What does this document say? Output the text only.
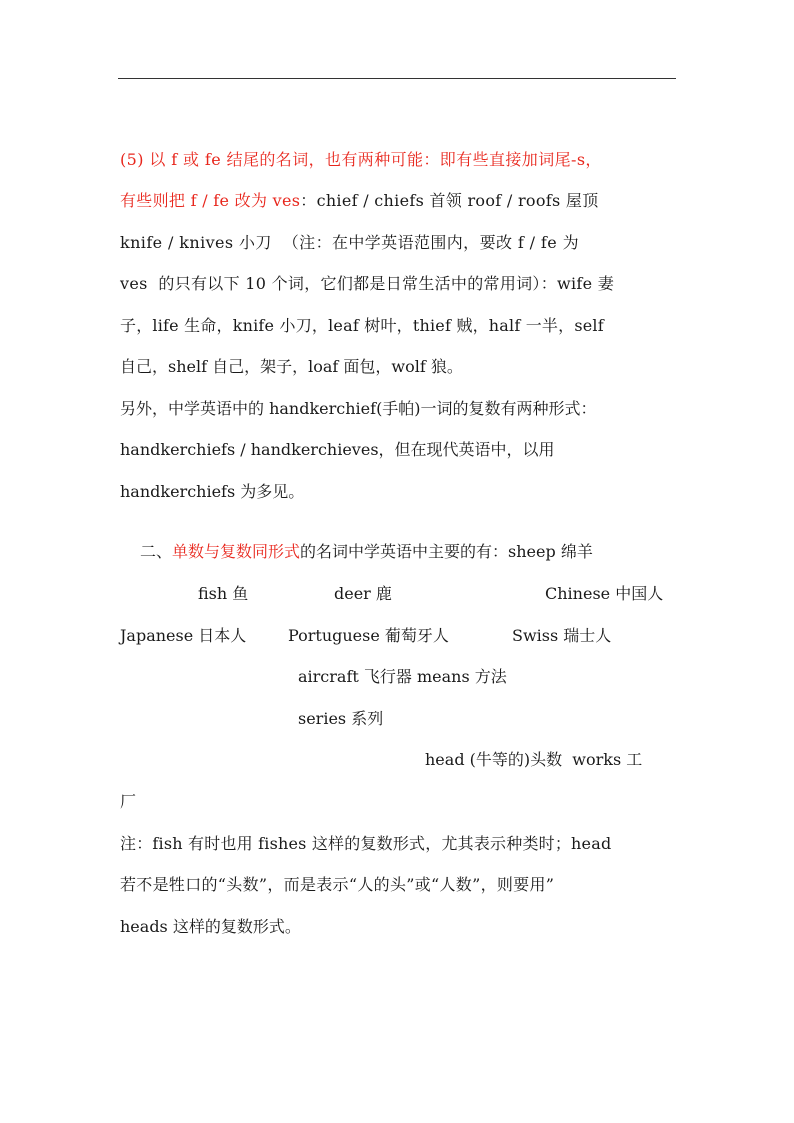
(5) 以 f 或 fe 结尾的名词，也有两种可能：即有些直接加词尾-s，
有些则把 f / fe 改为 ves：chief / chiefs 首领 roof / roofs 屋顶
knife / knives 小刀  （注：在中学英语范围内，要改 f / fe 为
ves  的只有以下 10 个词，它们都是日常生活中的常用词）：wife 妻
子，life 生命，knife 小刀，leaf 树叶，thief 贼，half 一半，self
自己，shelf 自己，架子，loaf 面包，wolf 狼。
另外，中学英语中的 handkerchief(手帕)一词的复数有两种形式：
handkerchiefs / handkerchieves，但在现代英语中，以用
handkerchiefs 为多见。
二、单数与复数同形式的名词中学英语中主要的有：sheep 绵羊
fish 鱼	deer 鹿	Chinese 中国人
Japanese 日本人	Portuguese 葡萄牙人	Swiss 瑞士人
aircraft 飞行器 means 方法
series 系列
head (牛等的)头数  works 工
厂
注：fish 有时也用 fishes 这样的复数形式，尤其表示种类时；head
若不是牲口的“头数”，而是表示“人的头”或“人数”，则要用”
heads 这样的复数形式。
